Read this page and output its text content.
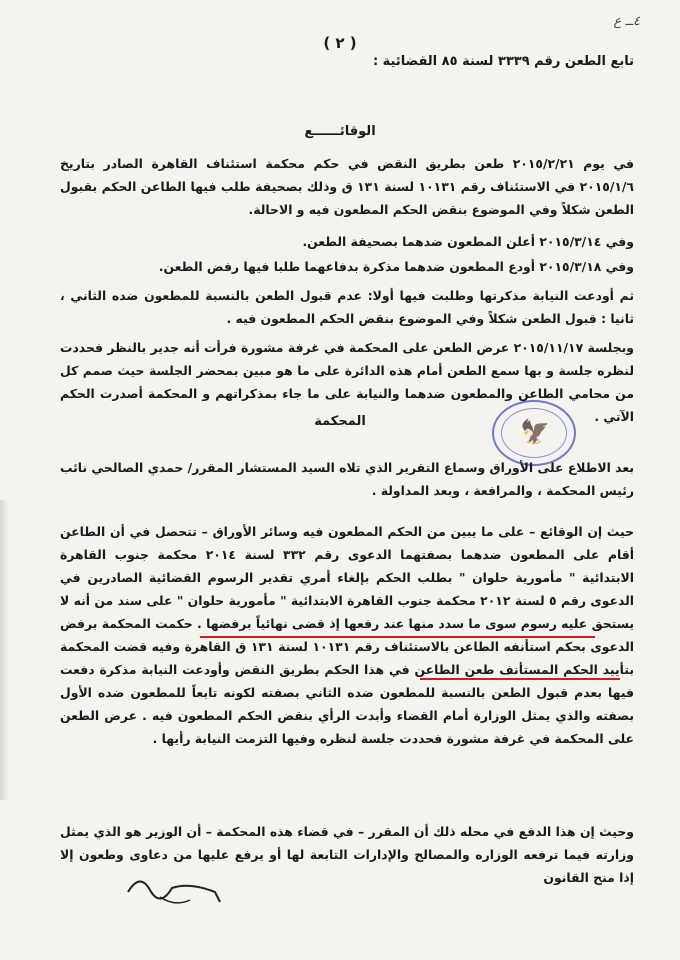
٤ــ ع
( ٢ )
تابع الطعن رقم ٣٣٣٩ لسنة ٨٥ القضائية :
الوقائــــــع
في يوم ٢٠١٥/٢/٢١ طعن بطريق النقض في حكم محكمة استئناف القاهرة الصادر بتاريخ ٢٠١٥/١/٦ في الاستئناف رقم ١٠١٣١ لسنة ١٣١ ق وذلك بصحيفة طلب فيها الطاعن الحكم بقبول الطعن شكلاً وفي الموضوع بنقض الحكم المطعون فيه و الاحالة.
وفي ٢٠١٥/٣/١٤ أعلن المطعون ضدهما بصحيفة الطعن.
وفي ٢٠١٥/٣/١٨ أودع المطعون ضدهما مذكرة بدفاعهما طلبا فيها رفض الطعن.
ثم أودعت النيابة مذكرتها وطلبت فيها أولا: عدم قبول الطعن بالنسبة للمطعون ضده الثاني ، ثانيا : قبول الطعن شكلاً وفي الموضوع بنقض الحكم المطعون فيه .
وبجلسة ٢٠١٥/١١/١٧ عرض الطعن على المحكمة في غرفة مشورة فرأت أنه جدير بالنظر فحددت لنظره جلسة و بها سمع الطعن أمام هذه الدائرة على ما هو مبين بمحضر الجلسة حيث صمم كل من محامي الطاعن والمطعون ضدهما والنيابة على ما جاء بمذكراتهم و المحكمة أصدرت الحكم الآتي .
المحكمة	🦅
بعد الاطلاع على الأوراق وسماع التقرير الذي تلاه السيد المستشار المقرر/ حمدي الصالحي نائب رئيس المحكمة ، والمرافعة ، وبعد المداولة .
حيث إن الوقائع – على ما يبين من الحكم المطعون فيه وسائر الأوراق – تتحصل في أن الطاعن أقام على المطعون ضدهما بصفتهما الدعوى رقم ٣٣٢ لسنة ٢٠١٤ محكمة جنوب القاهرة الابتدائية " مأمورية حلوان " بطلب الحكم بإلغاء أمري تقدير الرسوم القضائية الصادرين في الدعوى رقم ٥ لسنة ٢٠١٢ محكمة جنوب القاهرة الابتدائية " مأمورية حلوان " على سند من أنه لا يستحق عليه رسوم سوى ما سدد منها عند رفعها إذ قضى نهائياً برفضها . حكمت المحكمة برفض الدعوى بحكم استأنفه الطاعن بالاستئناف رقم ١٠١٣١ لسنة ١٣١ ق القاهرة وفيه قضت المحكمة بتأييد الحكم المستأنف طعن الطاعن في هذا الحكم بطريق النقض وأودعت النيابة مذكرة دفعت فيها بعدم قبول الطعن بالنسبة للمطعون ضده الثاني بصفته لكونه تابعاً للمطعون ضده الأول بصفته والذي يمثل الوزارة أمام القضاء وأبدت الرأي بنقض الحكم المطعون فيه . عرض الطعن على المحكمة في غرفة مشورة فحددت جلسة لنظره وفيها التزمت النيابة رأيها .
وحيث إن هذا الدفع في محله ذلك أن المقرر – في قضاء هذه المحكمة – أن الوزير هو الذي يمثل وزارته فيما ترفعه الوزاره والمصالح والإدارات التابعة لها أو يرفع عليها من دعاوى وطعون إلا إذا منح القانون
